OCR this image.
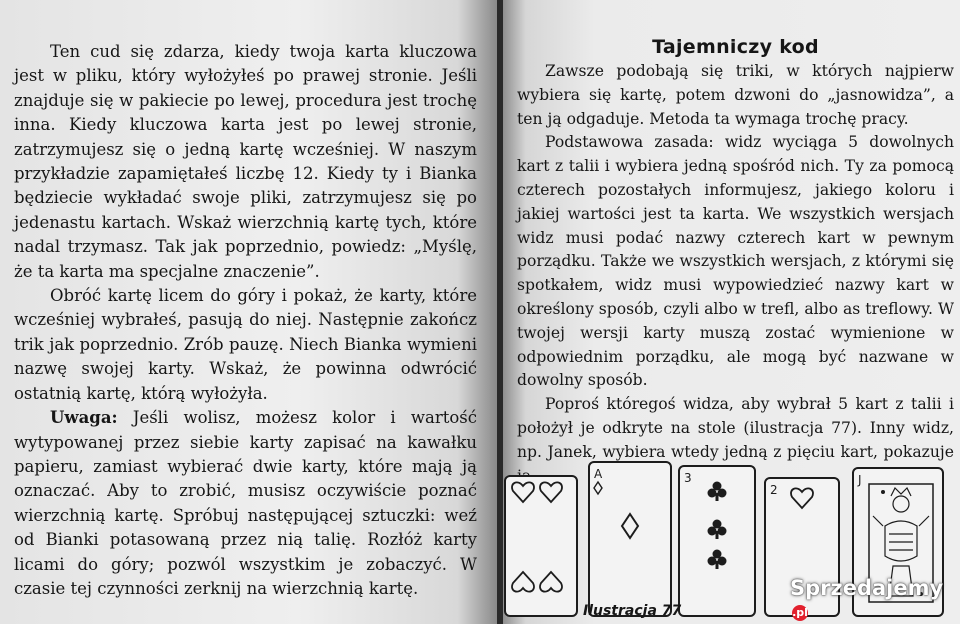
Ten cud się zdarza, kiedy twoja karta kluczowa jest w pliku, który wyłożyłeś po prawej stronie. Jeśli znajduje się w pakiecie po lewej, procedura jest trochę inna. Kiedy kluczowa karta jest po lewej stronie, zatrzymujesz się o jedną kartę wcześniej. W naszym przykładzie zapamiętałeś liczbę 12. Kiedy ty i Bianka będziecie wykładać swoje pliki, zatrzymujesz się po jedenastu kartach. Wskaż wierzchnią kartę tych, które nadal trzymasz. Tak jak poprzednio, powiedz: „Myślę, że ta karta ma specjalne znaczenie”.

Obróć kartę licem do góry i pokaż, że karty, które wcześniej wybrałeś, pasują do niej. Następnie zakończ trik jak poprzednio. Zrób pauzę. Niech Bianka wymieni nazwę swojej karty. Wskaż, że powinna odwrócić ostatnią kartę, którą wyłożyła.

Uwaga: Jeśli wolisz, możesz kolor i wartość wytypowanej przez siebie karty zapisać na kawałku papieru, zamiast wybierać dwie karty, które mają ją oznaczać. Aby to zrobić, musisz oczywiście poznać wierzchnią kartę. Spróbuj następującej sztuczki: weź od Bianki potasowaną przez nią talię. Rozłóż karty licami do góry; pozwól wszystkim je zobaczyć. W czasie tej czynności zerknij na wierzchnią kartę.

Tajemniczy kod

Zawsze podobają się triki, w których najpierw wybiera się kartę, potem dzwoni do „jasnowidza”, a ten ją odgaduje. Metoda ta wymaga trochę pracy.

Podstawowa zasada: widz wyciąga 5 dowolnych kart z talii i wybiera jedną spośród nich. Ty za pomocą czterech pozostałych informujesz, jakiego koloru i jakiej wartości jest ta karta. We wszystkich wersjach widz musi podać nazwy czterech kart w pewnym porządku. Także we wszystkich wersjach, z którymi się spotkałem, widz musi wypowiedzieć nazwy kart w określony sposób, czyli albo w trefl, albo as treflowy. W twojej wersji karty muszą zostać wymienione w odpowiednim porządku, ale mogą być nazwane w dowolny sposób.

Poproś któregoś widza, aby wybrał 5 kart z talii i położył je odkryte na stole (ilustracja 77). Inny widz, np. Janek, wybiera wtedy jedną z pięciu kart, pokazuje

A	3
2
J
Ilustracja 77
Sprzedajemy.pl
